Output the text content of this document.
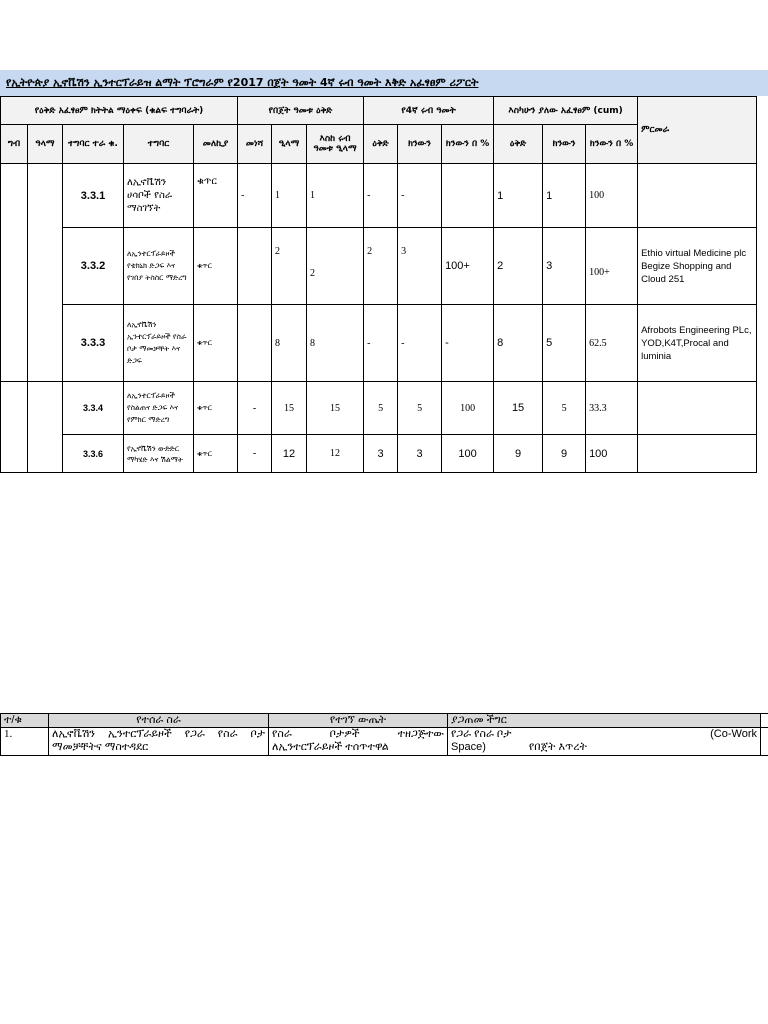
የኢትዮጵያ ኢኖቬሽን ኢንተርፕራይዝ ልማት ፕሮግራም የ2017 በጀት ዓመት 4ኛ ሩብ ዓመት እቅድ አፈፃፀም ሪፖርት
የዕቅድ አፈፃፀም ክትትል ማዕቀፍ (ቁልፍ ተግባራት)					የበጀት ዓመቱ ዕቅድ			የ4ኛ ሩብ ዓመት			እስካሁን ያለው አፈፃፀም (cum)			ምርመራ
ግብ	ዓላማ	ተግባር ተራ ቁ.	ተግባር	መለኪያ	መነሻ	ዒላማ	እስከ ሩብ ዓመቱ ዒላማ	ዕቅድ	ክንውን	ክንውን በ %	ዕቅድ	ክንውን	ክንውን በ %	
		3.3.1	ለኢኖቬሽን ሀሳቦች የስራ ማስገኘት	ቁጥር	-	1	1	-	-		1	1	100	
		3.3.2	ለኢንተርፕራይዞች የቴክኒክ ድጋፍ እና የገበያ ትስስር ማድረግ	ቁጥር		2	2	2	3	100+	2	3	100+	Ethio virtual Medicine plc Begize Shopping and Cloud 251
		3.3.3	ለኢኖቬሽን ኢንተርፕራይዞች የስራ ቦታ ማመቻቸት እና ድጋፍ	ቁጥር		8	8	-	-	-	8	5	62.5	Afrobots Engineering PLc, YOD,K4T,Procal and luminia
		3.3.4	ለኢንተርፕራይዞች የስልጠና ድጋፍ እና የምክር ማድረግ	ቁጥር	-	15	15	5	5	100	15	5	33.3	
		3.3.6	የኢኖቬሽን ውድድር ማካሄድ እና ሽልማት	ቁጥር	-	12	12	3	3	100	9	9	100	
ተ/ቁ	የተሰራ ስራ	የተገኘ ውጤት	ያጋጠመ ችግር	
1.	ለኢኖቬሽን ኢንተርፕራይዞች የጋራ የስራ ቦታ ማመቻቸትና ማስተዳደር	የስራ ቦታዎች ተዘጋጅተው ለኢንተርፕራይዞች ተሰጥተዋል	የጋራ የስራ ቦታ (Co-Work
Space) የበጀት እጥረት	
